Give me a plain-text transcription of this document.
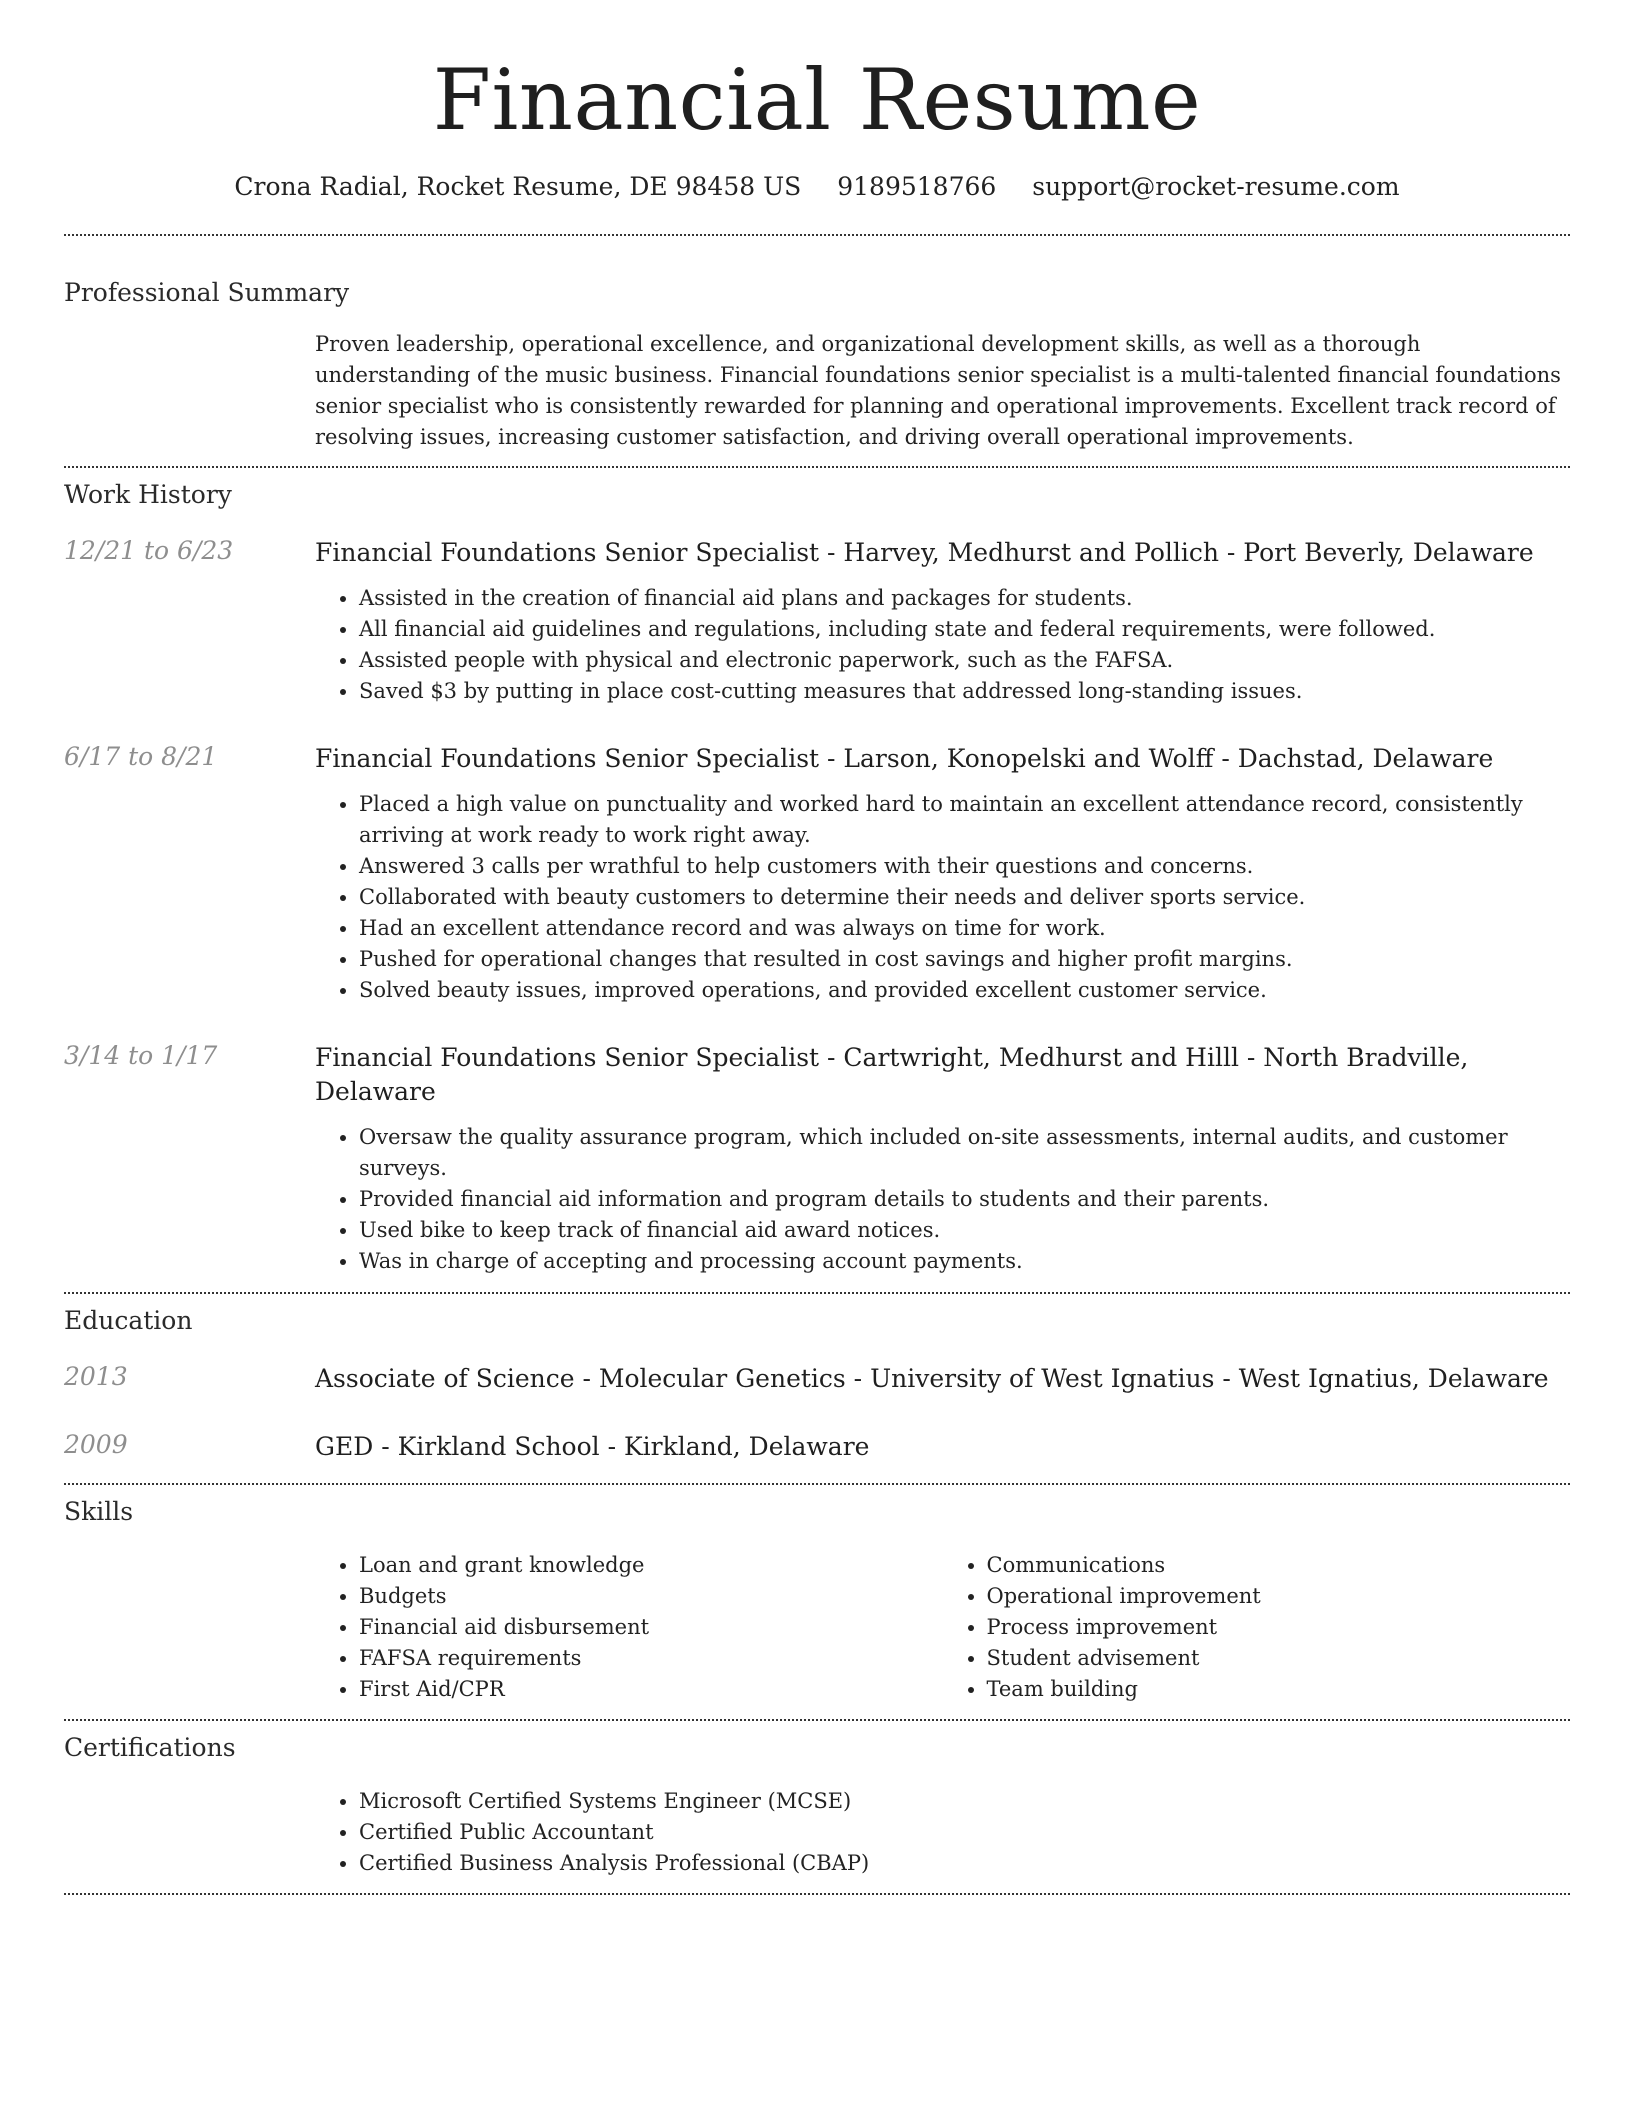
Financial Resume
Crona Radial, Rocket Resume, DE 98458 US 9189518766 support@rocket-resume.com
Professional Summary
Proven leadership, operational excellence, and organizational development skills, as well as a thorough understanding of the music business. Financial foundations senior specialist is a multi-talented financial foundations senior specialist who is consistently rewarded for planning and operational improvements. Excellent track record of resolving issues, increasing customer satisfaction, and driving overall operational improvements.
Work History
12/21 to 6/23	Financial Foundations Senior Specialist - Harvey, Medhurst and Pollich - Port Beverly, Delaware
• Assisted in the creation of financial aid plans and packages for students.
• All financial aid guidelines and regulations, including state and federal requirements, were followed.
• Assisted people with physical and electronic paperwork, such as the FAFSA.
• Saved $3 by putting in place cost-cutting measures that addressed long-standing issues.
6/17 to 8/21	Financial Foundations Senior Specialist - Larson, Konopelski and Wolff - Dachstad, Delaware
• Placed a high value on punctuality and worked hard to maintain an excellent attendance record, consistently arriving at work ready to work right away.
• Answered 3 calls per wrathful to help customers with their questions and concerns.
• Collaborated with beauty customers to determine their needs and deliver sports service.
• Had an excellent attendance record and was always on time for work.
• Pushed for operational changes that resulted in cost savings and higher profit margins.
• Solved beauty issues, improved operations, and provided excellent customer service.
3/14 to 1/17	Financial Foundations Senior Specialist - Cartwright, Medhurst and Hilll - North Bradville, Delaware
• Oversaw the quality assurance program, which included on-site assessments, internal audits, and customer surveys.
• Provided financial aid information and program details to students and their parents.
• Used bike to keep track of financial aid award notices.
• Was in charge of accepting and processing account payments.
Education
2013	Associate of Science - Molecular Genetics - University of West Ignatius - West Ignatius, Delaware
2009	GED - Kirkland School - Kirkland, Delaware
Skills
• Loan and grant knowledge
• Budgets
• Financial aid disbursement
• FAFSA requirements
• First Aid/CPR
• Communications
• Operational improvement
• Process improvement
• Student advisement
• Team building
Certifications
• Microsoft Certified Systems Engineer (MCSE)
• Certified Public Accountant
• Certified Business Analysis Professional (CBAP)
